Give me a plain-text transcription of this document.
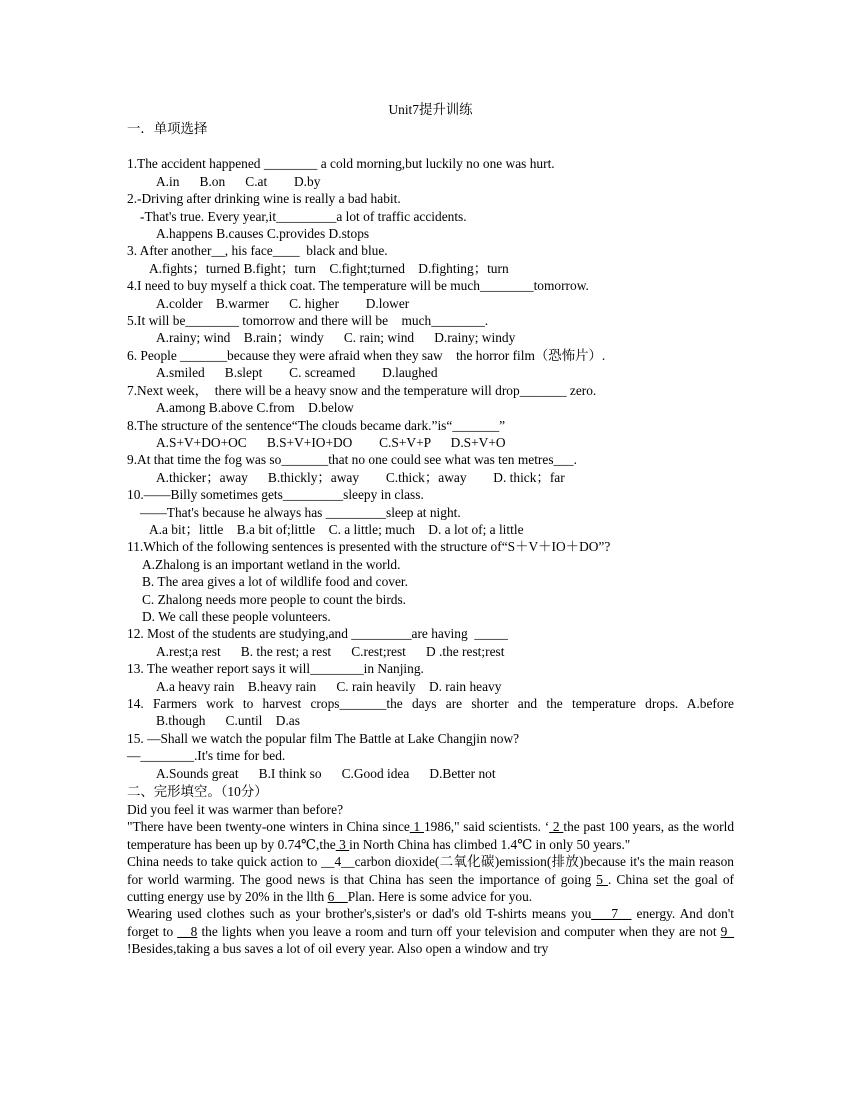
Unit7提升训练
一．单项选择
1.The accident happened ________ a cold morning,but luckily no one was hurt.
A.in      B.on      C.at        D.by
2.-Driving after drinking wine is really a bad habit.
-That's true. Every year,it_________a lot of traffic accidents.
A.happens B.causes C.provides D.stops
3. After another__, his face____  black and blue.
A.fights；turned B.fight；turn    C.fight;turned    D.fighting；turn
4.I need to buy myself a thick coat. The temperature will be much________tomorrow.
A.colder    B.warmer      C. higher        D.lower
5.It will be________ tomorrow and there will be    much________.
A.rainy; wind    B.rain；windy      C. rain; wind      D.rainy; windy
6. People _______because they were afraid when they saw    the horror film（恐怖片）.
A.smiled      B.slept        C. screamed        D.laughed
7.Next week，  there will be a heavy snow and the temperature will drop_______ zero.
A.among B.above C.from    D.below
8.The structure of the sentence“The clouds became dark.”is“_______”
A.S+V+DO+OC      B.S+V+IO+DO        C.S+V+P      D.S+V+O
9.At that time the fog was so_______that no one could see what was ten metres___.
A.thicker；away      B.thickly；away        C.thick；away        D. thick；far
10.——Billy sometimes gets_________sleepy in class.
——That's because he always has _________sleep at night.
A.a bit；little    B.a bit of;little    C. a little; much    D. a lot of; a little
11.Which of the following sentences is presented with the structure of“S＋V＋IO＋DO”?
A.Zhalong is an important wetland in the world.
B. The area gives a lot of wildlife food and cover.
C. Zhalong needs more people to count the birds.
D. We call these people volunteers.
12. Most of the students are studying,and _________are having  _____
A.rest;a rest      B. the rest; a rest      C.rest;rest      D .the rest;rest
13. The weather report says it will________in Nanjing.
A.a heavy rain    B.heavy rain      C. rain heavily    D. rain heavy
14. Farmers work to harvest crops_______the days are shorter and the temperature drops. A.before
B.though      C.until    D.as
15. —Shall we watch the popular film The Battle at Lake Changjin now?
—________.It's time for bed.
A.Sounds great      B.I think so      C.Good idea      D.Better not
二、完形填空。（10分）
Did you feel it was warmer than before?
"There have been twenty-one winters in China since 1 1986," said scientists. ‘ 2 the past 100 years, as the world temperature has been up by 0.74℃,the 3 in North China has climbed 1.4℃ in only 50 years."
China needs to take quick action to __4__carbon dioxide(二氧化碳)emission(排放)because it's the main reason for world warming. The good news is that China has seen the importance of going 5 . China set the goal of cutting energy use by 20% in the llth 6__Plan. Here is some advice for you.
Wearing used clothes such as your brother's,sister's or dad's old T-shirts means you___7__ energy. And don't forget to __8 the lights when you leave a room and turn off your television and computer when they are not 9_ !Besides,taking a bus saves a lot of oil every year. Also open a window and try
